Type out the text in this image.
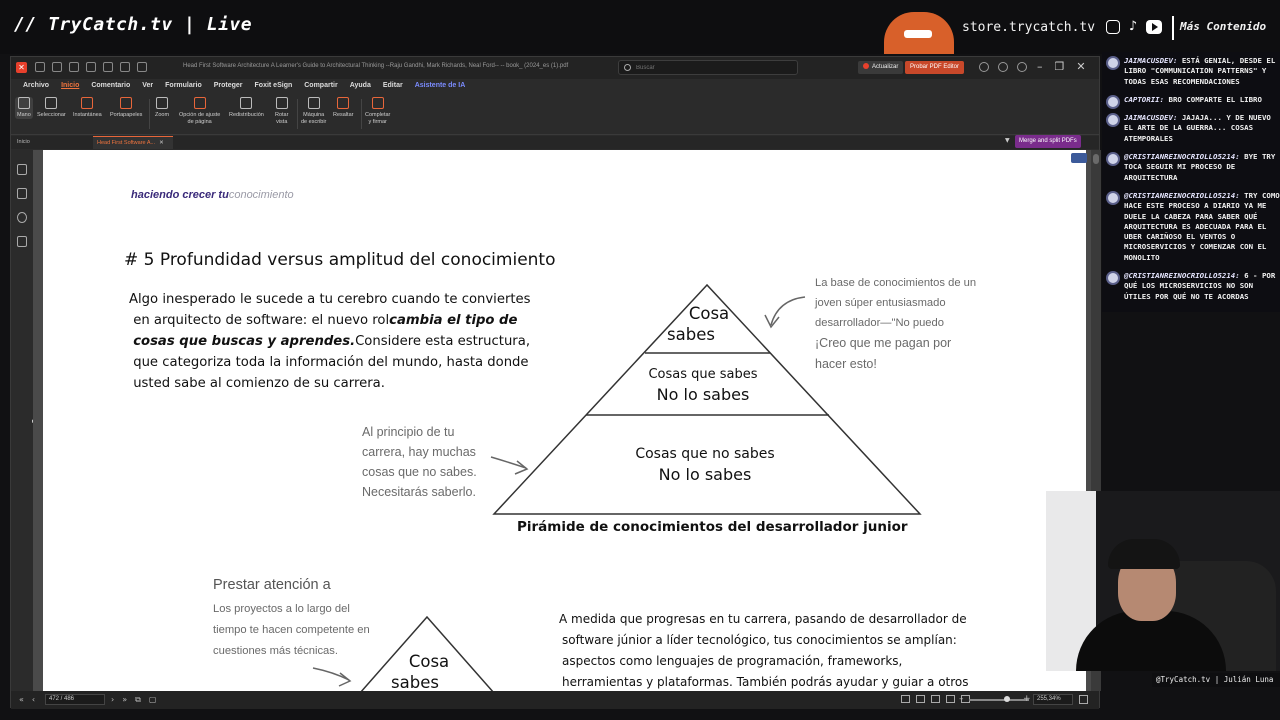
// TryCatch.tv | Live	store.trycatch.tv	♪	Más Contenido
✕	Head First Software Architecture A Learner's Guide to Architectural Thinking --Raju Gandhi, Mark Richards, Neal Ford-- -- book_ (2024_es (1).pdf
Buscar	Actualizar	Probar PDF Editor	– ❐ ✕
Archivo	Inicio	Comentario	Ver	Formulario	Proteger	Foxit eSign	Compartir	Ayuda	Editar	Asistente de IA
Mano	Seleccionar Instantánea Portapapeles Zoom Opción de ajuste
de página
Redistribución Rotar
vista
Máquina
de escribir
Resaltar Completar
y firmar
Inicio	Head First Software A... ✕	▼	Merge and split PDFs
haciendo crecer tuconocimiento
# 5 Profundidad versus amplitud del conocimiento
Algo inesperado le sucede a tu cerebro cuando te conviertes
en arquitecto de software: el nuevo rolcambia el tipo de
cosas que buscas y aprendes.Considere esta estructura,
que categoriza toda la información del mundo, hasta donde
usted sabe al comienzo de su carrera.
Cosa
sabes
Cosas que sabes
No lo sabes
Cosas que no sabes
No lo sabes
Pirámide de conocimientos del desarrollador junior
La base de conocimientos de un
joven súper entusiasmado
desarrollador—"No puedo
¡Creo que me pagan por
hacer esto!
Al principio de tu
carrera, hay muchas
cosas que no sabes.
Necesitarás saberlo.
Prestar atención a
Los proyectos a lo largo del
tiempo te hacen competente en
cuestiones más técnicas.
Cosa
sabes
A medida que progresas en tu carrera, pasando de desarrollador de
software júnior a líder tecnológico, tus conocimientos se amplían:
aspectos como lenguajes de programación, frameworks,
herramientas y plataformas. También podrás ayudar y guiar a otros
« ‹	472 / 486	› » ⧉ ▢	–	+	255,34%
JAIMACUSDEV: ESTÁ GENIAL, DESDE EL LIBRO "COMMUNICATION PATTERNS" Y TODAS ESAS RECOMENDACIONES
CAPTORII: BRO COMPARTE EL LIBRO
JAIMACUSDEV: JAJAJA... Y DE NUEVO EL ARTE DE LA GUERRA... COSAS ATEMPORALES
@CRISTIANREINOCRIOLLO5214: BYE TRY TOCA SEGUIR MI PROCESO DE ARQUITECTURA
@CRISTIANREINOCRIOLLO5214: TRY COMO HACE ESTE PROCESO A DIARIO YA ME DUELE LA CABEZA PARA SABER QUÉ ARQUITECTURA ES ADECUADA PARA EL UBER CARIÑOSO EL VENTOS O MICROSERVICIOS Y COMENZAR CON EL MONOLITO
@CRISTIANREINOCRIOLLO5214: 6 - POR QUÉ LOS MICROSERVICIOS NO SON ÚTILES POR QUÉ NO TE ACORDAS
@TryCatch.tv | Julián Luna
